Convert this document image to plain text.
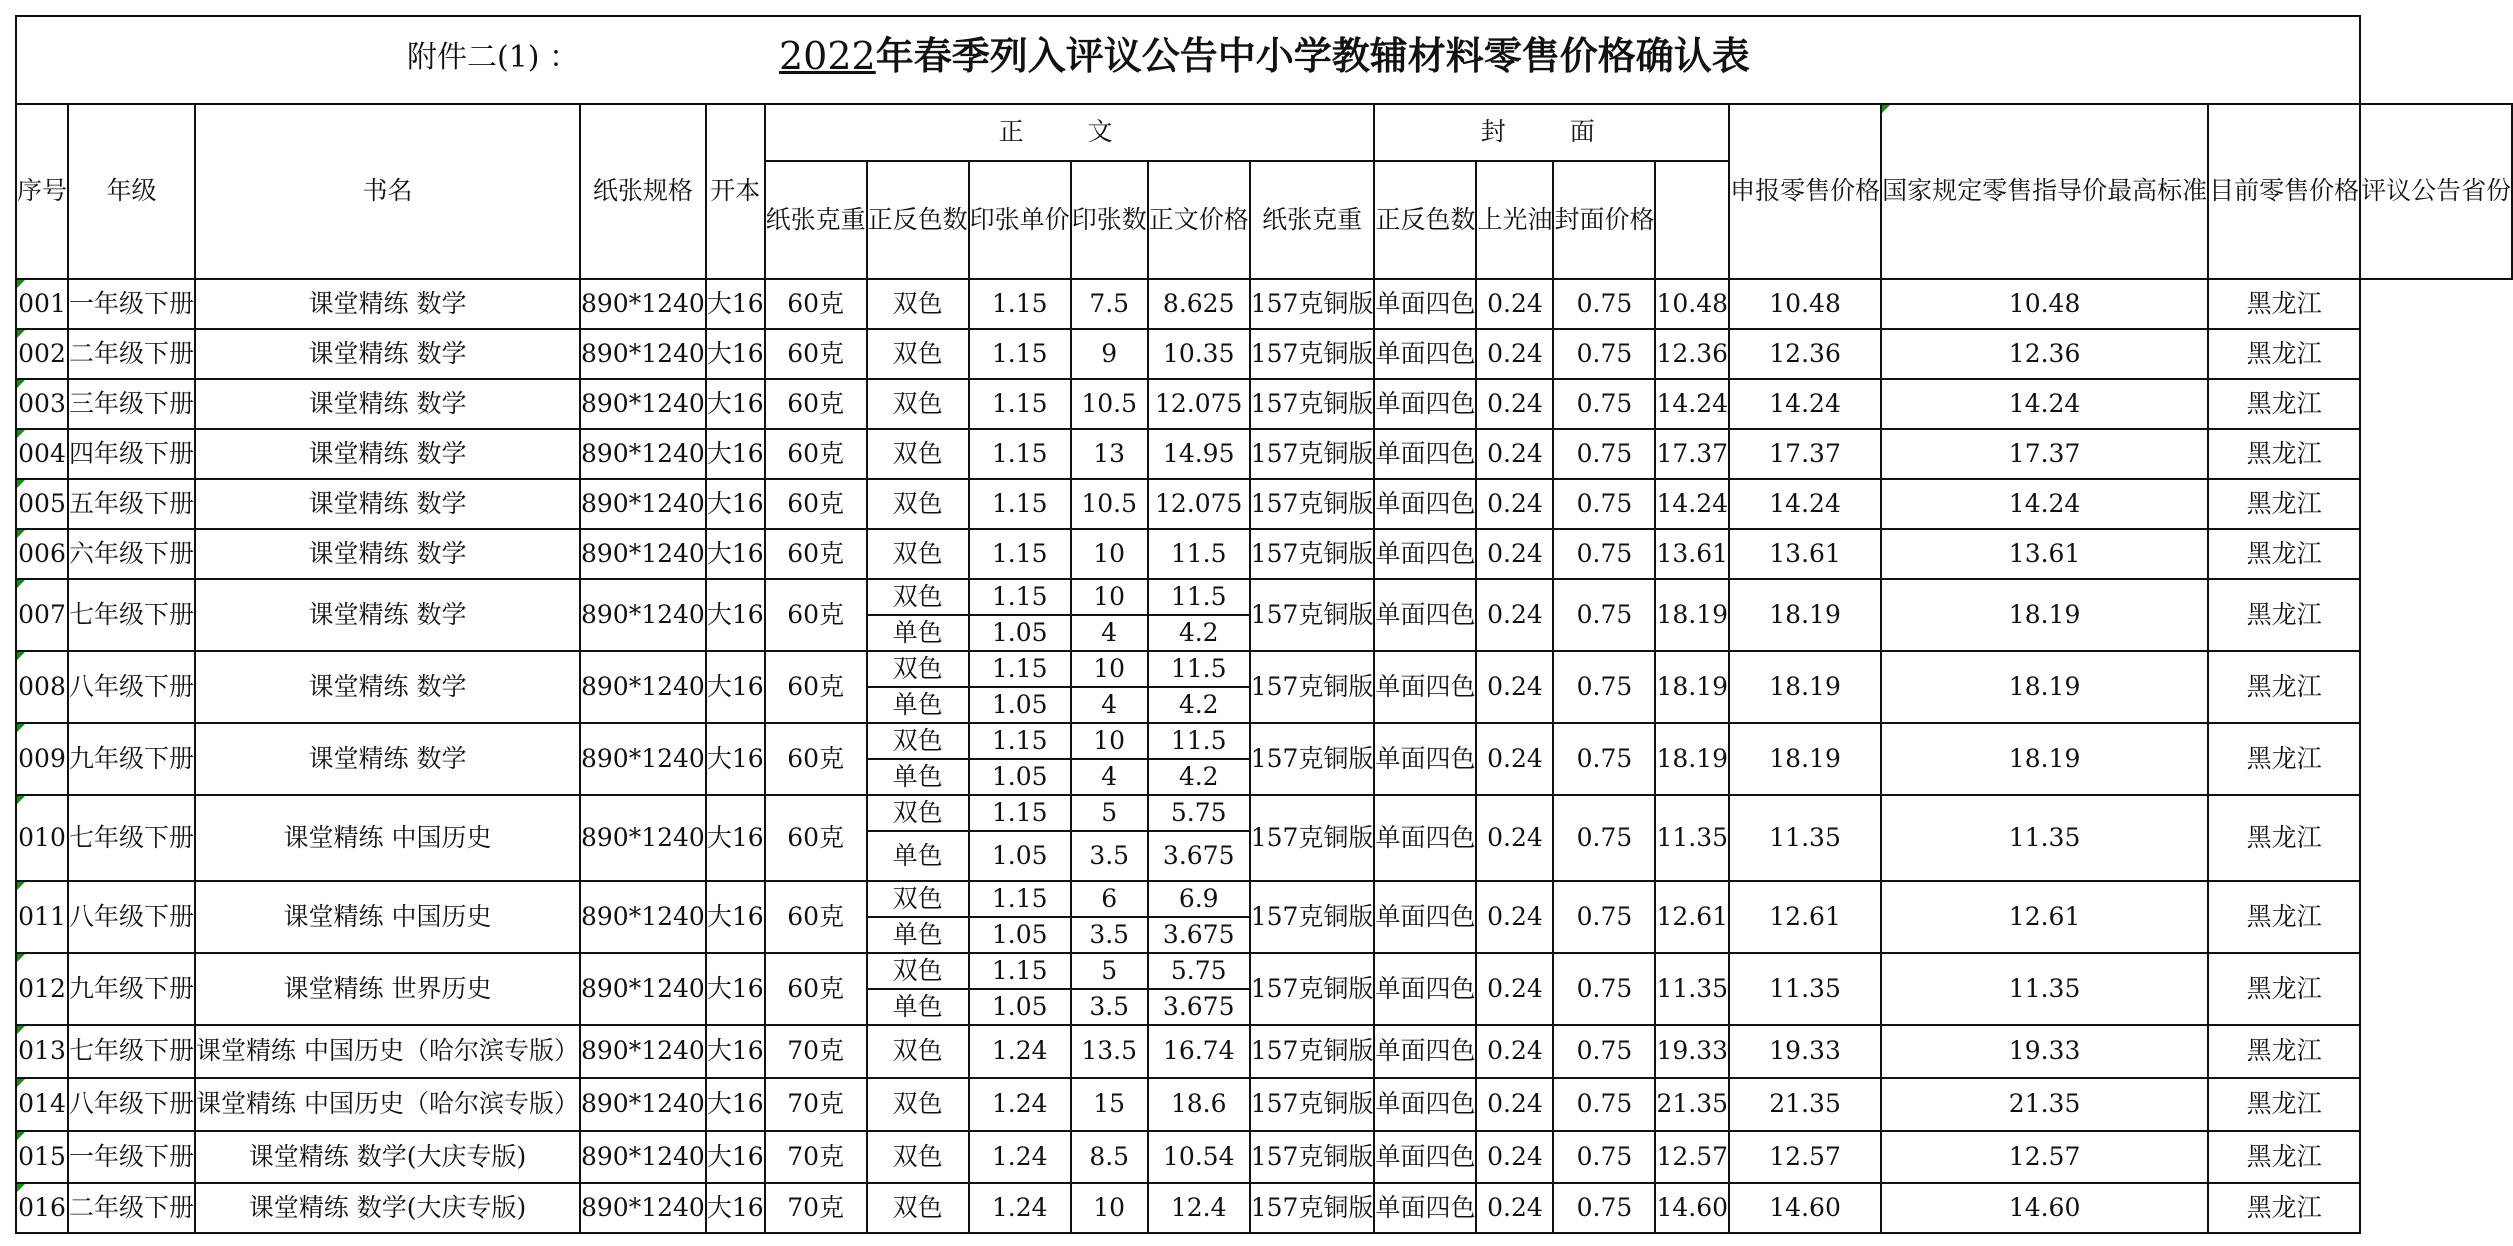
附件二(1) ： 2022年春季列入评议公告中小学教辅材料零售价格确认表																		

序号	年级	书名	纸张规格	开本	正 文						封 面				申报零售价格	国家规定零售指导价最高标准	目前零售价格	评议公告省份
					纸张克重	正反色数	印张单价	印张数	正文价格	纸张克重	正反色数	上光油	封面价格					
001	一年级下册	课堂精练 数学	890*1240	大16	60克	双色	1.15	7.5	8.625	157克铜版	单面四色	0.24	0.75	10.48	10.48	10.48	黑龙江	
002	二年级下册	课堂精练 数学	890*1240	大16	60克	双色	1.15	9	10.35	157克铜版	单面四色	0.24	0.75	12.36	12.36	12.36	黑龙江	
003	三年级下册	课堂精练 数学	890*1240	大16	60克	双色	1.15	10.5	12.075	157克铜版	单面四色	0.24	0.75	14.24	14.24	14.24	黑龙江	
004	四年级下册	课堂精练 数学	890*1240	大16	60克	双色	1.15	13	14.95	157克铜版	单面四色	0.24	0.75	17.37	17.37	17.37	黑龙江	
005	五年级下册	课堂精练 数学	890*1240	大16	60克	双色	1.15	10.5	12.075	157克铜版	单面四色	0.24	0.75	14.24	14.24	14.24	黑龙江	
006	六年级下册	课堂精练 数学	890*1240	大16	60克	双色	1.15	10	11.5	157克铜版	单面四色	0.24	0.75	13.61	13.61	13.61	黑龙江	
007	七年级下册	课堂精练 数学	890*1240	大16	60克	双色	1.15	10	11.5	157克铜版	单面四色	0.24	0.75	18.19	18.19	18.19	黑龙江	
						单色	1.05	4	4.2									
008	八年级下册	课堂精练 数学	890*1240	大16	60克	双色	1.15	10	11.5	157克铜版	单面四色	0.24	0.75	18.19	18.19	18.19	黑龙江	
						单色	1.05	4	4.2									
009	九年级下册	课堂精练 数学	890*1240	大16	60克	双色	1.15	10	11.5	157克铜版	单面四色	0.24	0.75	18.19	18.19	18.19	黑龙江	
						单色	1.05	4	4.2									
010	七年级下册	课堂精练 中国历史	890*1240	大16	60克	双色	1.15	5	5.75	157克铜版	单面四色	0.24	0.75	11.35	11.35	11.35	黑龙江	
						单色	1.05	3.5	3.675									
011	八年级下册	课堂精练 中国历史	890*1240	大16	60克	双色	1.15	6	6.9	157克铜版	单面四色	0.24	0.75	12.61	12.61	12.61	黑龙江	
						单色	1.05	3.5	3.675									
012	九年级下册	课堂精练 世界历史	890*1240	大16	60克	双色	1.15	5	5.75	157克铜版	单面四色	0.24	0.75	11.35	11.35	11.35	黑龙江	
						单色	1.05	3.5	3.675									
013	七年级下册	课堂精练 中国历史（哈尔滨专版）	890*1240	大16	70克	双色	1.24	13.5	16.74	157克铜版	单面四色	0.24	0.75	19.33	19.33	19.33	黑龙江	
014	八年级下册	课堂精练 中国历史（哈尔滨专版）	890*1240	大16	70克	双色	1.24	15	18.6	157克铜版	单面四色	0.24	0.75	21.35	21.35	21.35	黑龙江	
015	一年级下册	课堂精练 数学(大庆专版)	890*1240	大16	70克	双色	1.24	8.5	10.54	157克铜版	单面四色	0.24	0.75	12.57	12.57	12.57	黑龙江	
016	二年级下册	课堂精练 数学(大庆专版)	890*1240	大16	70克	双色	1.24	10	12.4	157克铜版	单面四色	0.24	0.75	14.60	14.60	14.60	黑龙江	
